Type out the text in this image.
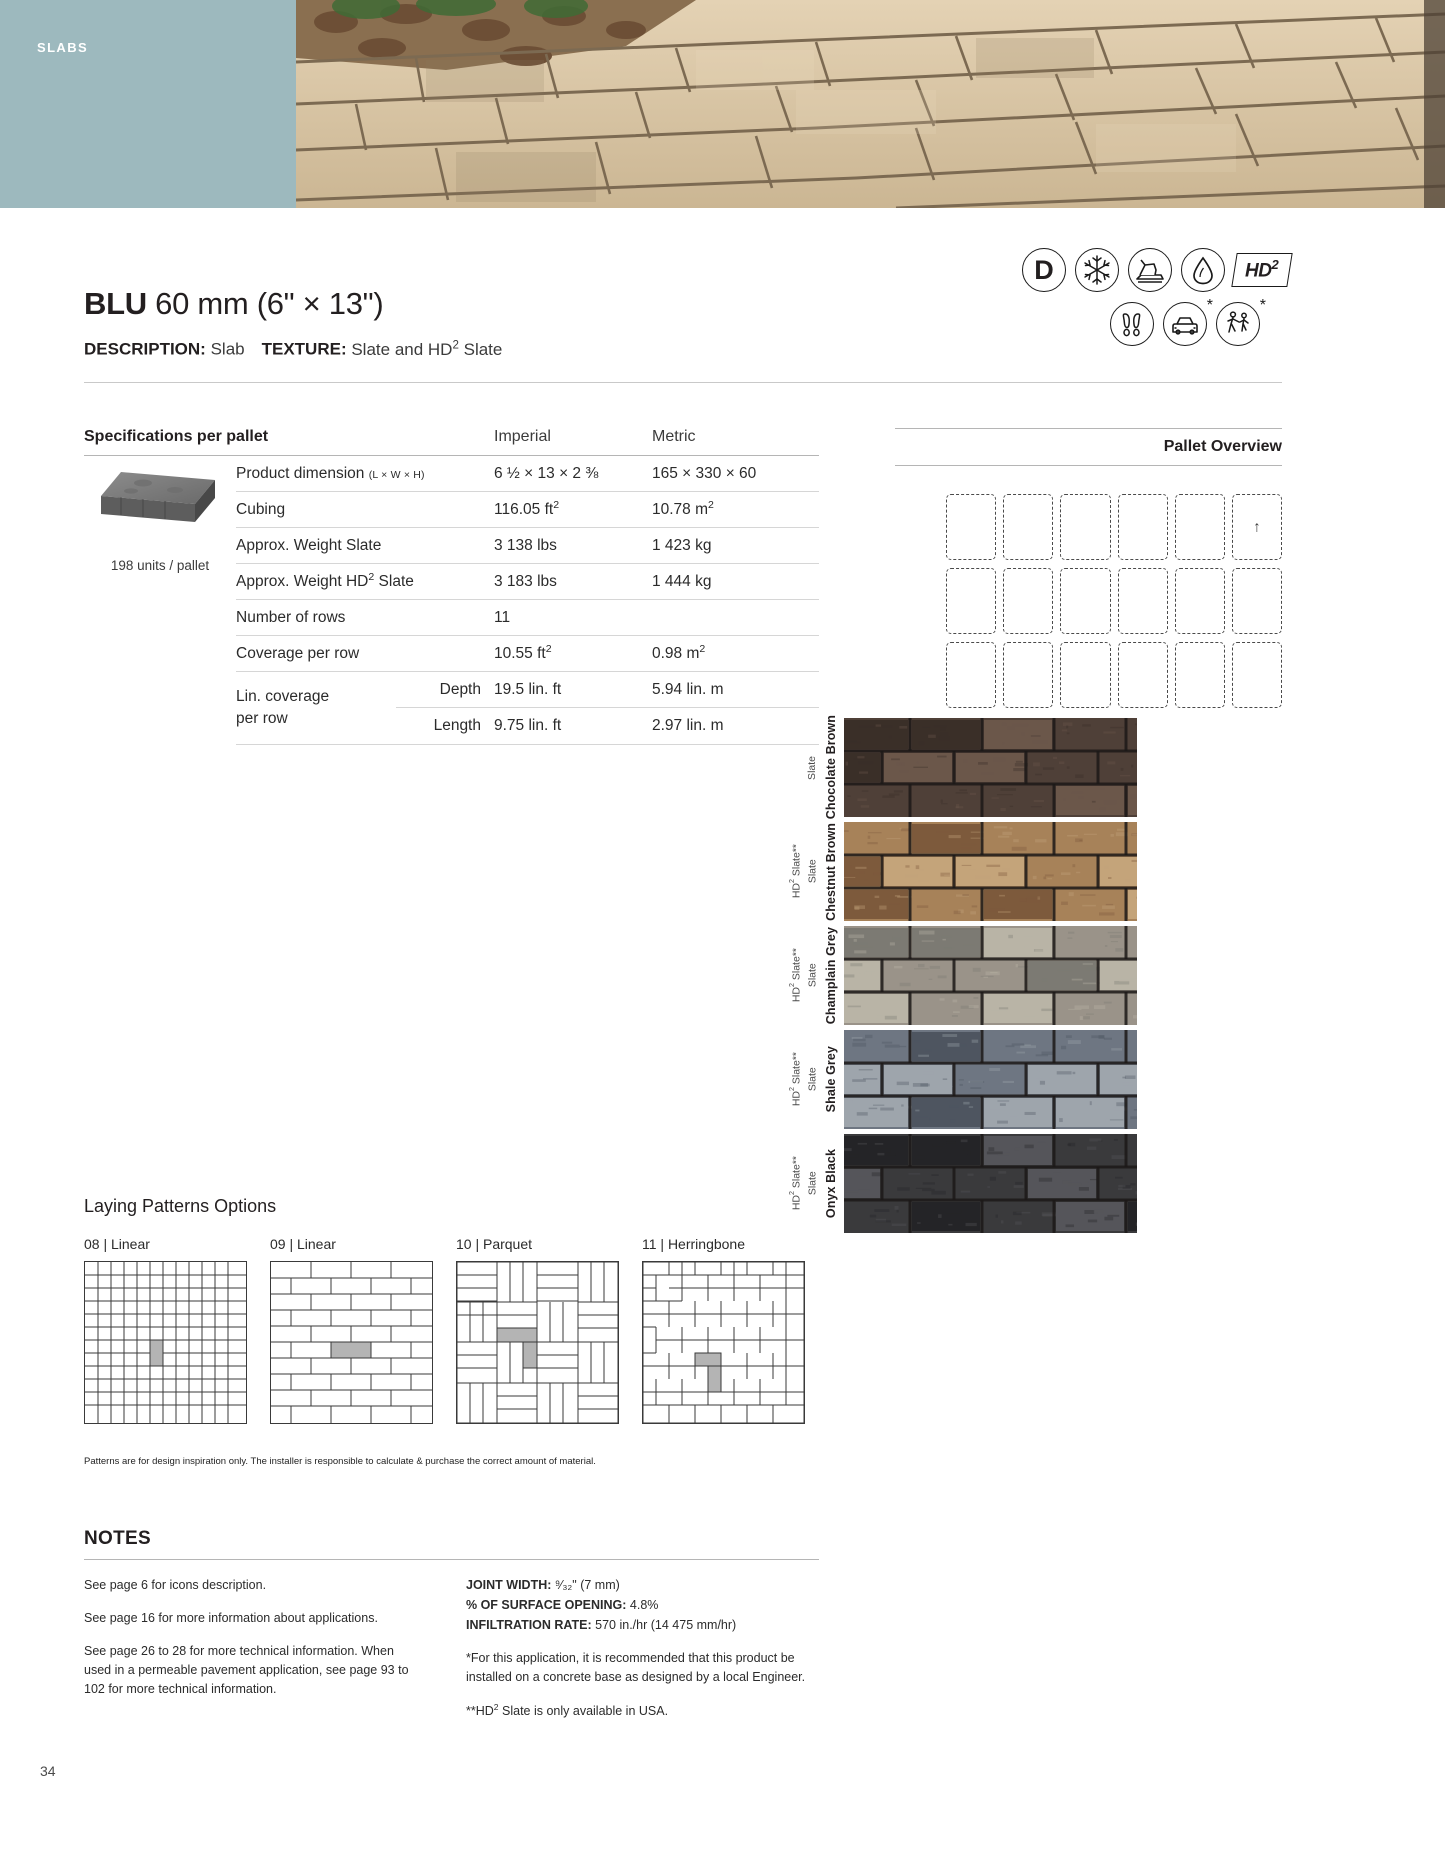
SLABS
BLU 60 mm (6" × 13")
DESCRIPTION: Slab TEXTURE: Slate and $HD^2$ Slate
D	$HD^2$
*	*
Specifications per pallet	Imperial	Metric
198 units / pallet
Product dimension (L × W × H)	6 ½ × 13 × 2 ⅜	165 × 330 × 60
Cubing	116.05 $ft^2$	10.78 $m^2$
Approx. Weight Slate	3 138 lbs	1 423 kg
Approx. Weight $HD^2$ Slate	3 183 lbs	1 444 kg
Number of rows	11
Coverage per row	10.55 $ft^2$	0.98 $m^2$
Lin. coverage
per row
Depth 19.5 lin. ft	5.94 lin. m
Length 9.75 lin. ft	2.97 lin. m
Pallet Overview
↑
Slate Chocolate Brown
$HD^2$ Slate** Slate Chestnut Brown
$HD^2$ Slate** Slate Champlain Grey
$HD^2$ Slate** Slate Shale Grey
$HD^2$ Slate** Slate Onyx Black
Laying Patterns Options
08 | Linear	09 | Linear	10 | Parquet	11 | Herringbone
Patterns are for design inspiration only. The installer is responsible to calculate & purchase the correct amount of material.
NOTES
See page 6 for icons description.
See page 16 for more information about applications.
See page 26 to 28 for more technical information. When used in a permeable pavement application, see page 93 to 102 for more technical information.
JOINT WIDTH: ⁹⁄₃₂" (7 mm)
% OF SURFACE OPENING: 4.8%
INFILTRATION RATE: 570 in./hr (14 475 mm/hr)
*For this application, it is recommended that this product be installed on a concrete base as designed by a local Engineer.
$**HD^2$ Slate is only available in USA.
34
